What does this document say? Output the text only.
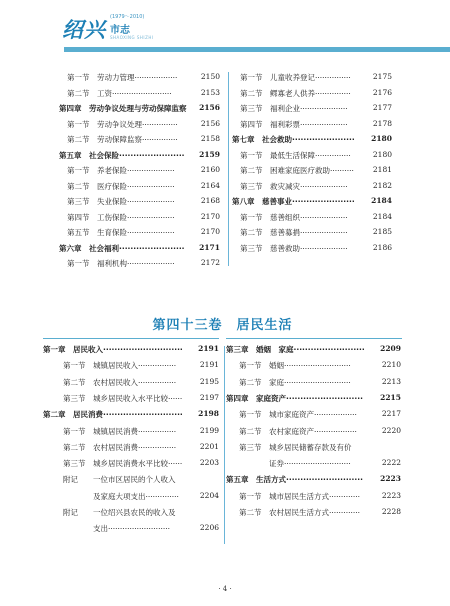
绍兴 (1979～2010)
市志
SHAOXING SHIZHI
第一节 劳动力管理··················	2150
第二节 工资·························	2153
第四章 劳动争议处理与劳动保障监察	2156
第一节 劳动争议处理···············	2156
第二节 劳动保障监察···············	2158
第五章 社会保险·······················	2159
第一节 养老保险····················	2160
第二节 医疗保险····················	2164
第三节 失业保险····················	2168
第四节 工伤保险····················	2170
第五节 生育保险····················	2170
第六章 社会福利·······················	2171
第一节 福利机构····················	2172
第一节 儿童收养登记···············	2175
第二节 鳏寡老人供养···············	2176
第三节 福利企业····················	2177
第四节 福利彩票····················	2178
第七章 社会救助······················	2180
第一节 最低生活保障···············	2180
第二节 困难家庭医疗救助··········	2181
第三节 救灾减灾····················	2182
第八章 慈善事业······················	2184
第一节 慈善组织····················	2184
第二节 慈善募捐····················	2185
第三节 慈善救助····················	2186
第四十三卷　居民生活
第一章 居民收入····························	2191
第一节 城镇居民收入················	2191
第二节 农村居民收入················	2195
第三节 城乡居民收入水平比较······	2197
第二章 居民消费····························	2198
第一节 城镇居民消费················	2199
第二节 农村居民消费················	2201
第三节 城乡居民消费水平比较······	2203
附记 一位市区居民的个人收入
及家庭大项支出··············	2204
附记 一位绍兴县农民的收入及
支出··························	2206
第三章 婚姻　家庭·························	2209
第一节 婚姻····························	2210
第二节 家庭····························	2213
第四章 家庭资产···························	2215
第一节 城市家庭资产··················	2217
第二节 农村家庭资产··················	2220
第三节 城乡居民储蓄存款及有价
证券····························	2222
第五章 生活方式···························	2223
第一节 城市居民生活方式·············	2223
第二节 农村居民生活方式·············	2228
· 4 ·
